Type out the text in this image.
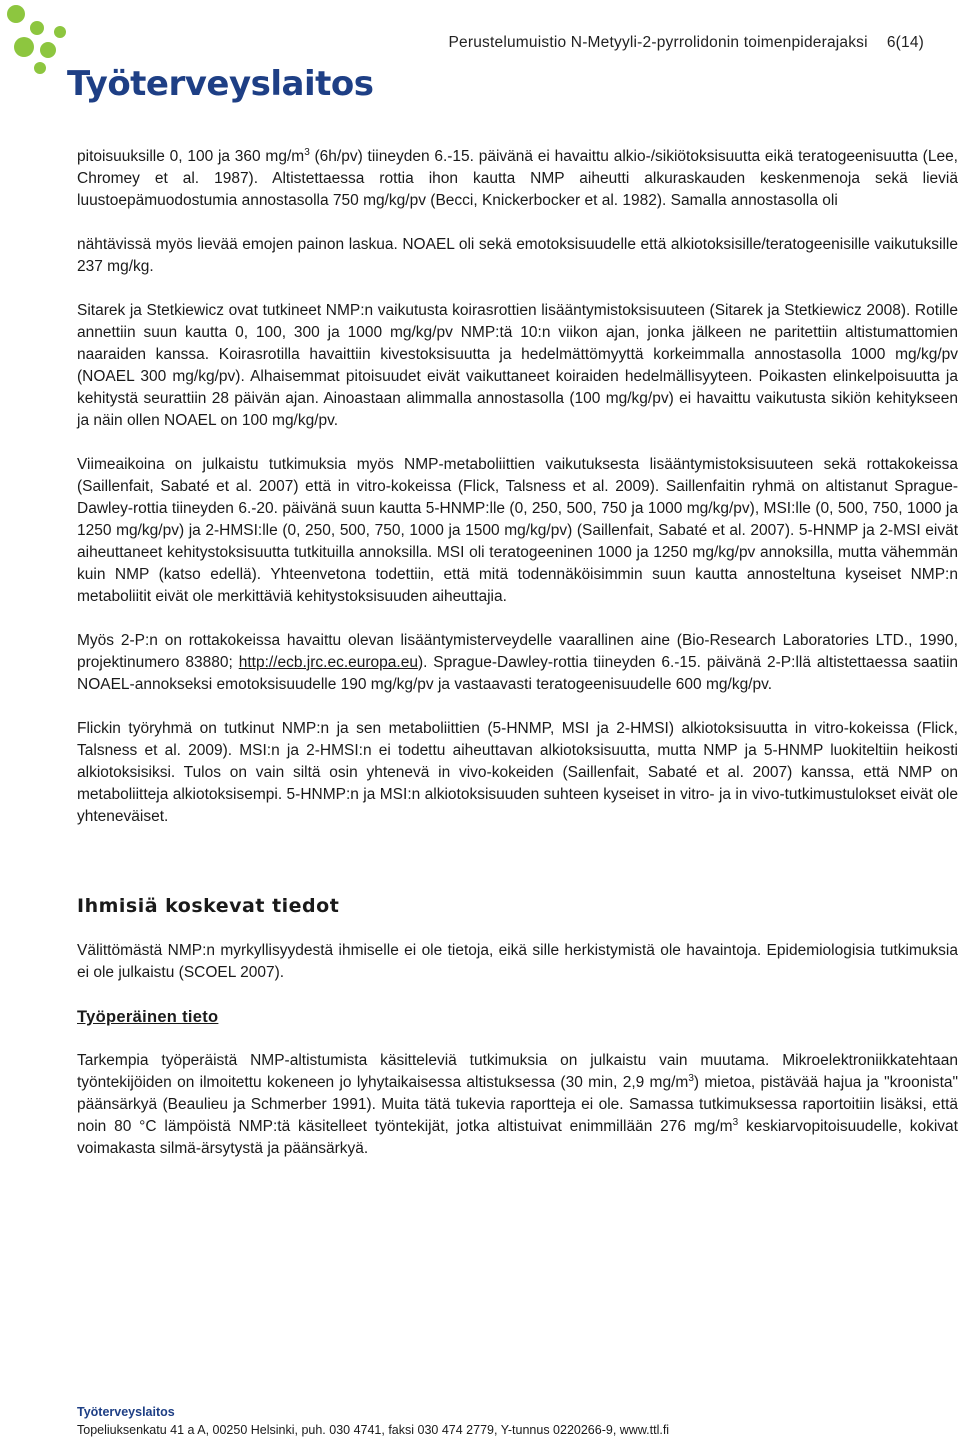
Työterveyslaitos
Perustelumuistio N-Metyyli-2-pyrrolidonin toimenpiderajaksi 6(14)

pitoisuuksille 0, 100 ja 360 $mg/m^3$ (6h/pv) tiineyden 6.-15. päivänä ei havaittu alkio-/sikiötoksisuutta eikä teratogeenisuutta (Lee, Chromey et al. 1987). Altistettaessa rottia ihon kautta NMP aiheutti alkuraskauden keskenmenoja sekä lieviä luustoepämuodostumia annostasolla 750 mg/kg/pv (Becci, Knickerbocker et al. 1982). Samalla annostasolla oli

nähtävissä myös lievää emojen painon laskua. NOAEL oli sekä emotoksisuudelle että alkiotoksisille/teratogeenisille vaikutuksille 237 mg/kg.

Sitarek ja Stetkiewicz ovat tutkineet NMP:n vaikutusta koirasrottien lisääntymistoksisuuteen (Sitarek ja Stetkiewicz 2008). Rotille annettiin suun kautta 0, 100, 300 ja 1000 mg/kg/pv NMP:tä 10:n viikon ajan, jonka jälkeen ne paritettiin altistumattomien naaraiden kanssa. Koirasrotilla havaittiin kivestoksisuutta ja hedelmättömyyttä korkeimmalla annostasolla 1000 mg/kg/pv (NOAEL 300 mg/kg/pv). Alhaisemmat pitoisuudet eivät vaikuttaneet koiraiden hedelmällisyyteen. Poikasten elinkelpoisuutta ja kehitystä seurattiin 28 päivän ajan. Ainoastaan alimmalla annostasolla (100 mg/kg/pv) ei havaittu vaikutusta sikiön kehitykseen ja näin ollen NOAEL on 100 mg/kg/pv.

Viimeaikoina on julkaistu tutkimuksia myös NMP-metaboliittien vaikutuksesta lisääntymistoksisuuteen sekä rottakokeissa (Saillenfait, Sabaté et al. 2007) että in vitro-kokeissa (Flick, Talsness et al. 2009). Saillenfaitin ryhmä on altistanut Sprague-Dawley-rottia tiineyden 6.-20. päivänä suun kautta 5-HNMP:lle (0, 250, 500, 750 ja 1000 mg/kg/pv), MSI:lle (0, 500, 750, 1000 ja 1250 mg/kg/pv) ja 2-HMSI:lle (0, 250, 500, 750, 1000 ja 1500 mg/kg/pv) (Saillenfait, Sabaté et al. 2007). 5-HNMP ja 2-MSI eivät aiheuttaneet kehitystoksisuutta tutkituilla annoksilla. MSI oli teratogeeninen 1000 ja 1250 mg/kg/pv annoksilla, mutta vähemmän kuin NMP (katso edellä). Yhteenvetona todettiin, että mitä todennäköisimmin suun kautta annosteltuna kyseiset NMP:n metaboliitit eivät ole merkittäviä kehitystoksisuuden aiheuttajia.

Myös 2-P:n on rottakokeissa havaittu olevan lisääntymisterveydelle vaarallinen aine (Bio-Research Laboratories LTD., 1990, projektinumero 83880; http://ecb.jrc.ec.europa.eu). Sprague-Dawley-rottia tiineyden 6.-15. päivänä 2-P:llä altistettaessa saatiin NOAEL-annokseksi emotoksisuudelle 190 mg/kg/pv ja vastaavasti teratogeenisuudelle 600 mg/kg/pv.

Flickin työryhmä on tutkinut NMP:n ja sen metaboliittien (5-HNMP, MSI ja 2-HMSI) alkiotoksisuutta in vitro-kokeissa (Flick, Talsness et al. 2009). MSI:n ja 2-HMSI:n ei todettu aiheuttavan alkiotoksisuutta, mutta NMP ja 5-HNMP luokiteltiin heikosti alkiotoksisiksi. Tulos on vain siltä osin yhtenevä in vivo-kokeiden (Saillenfait, Sabaté et al. 2007) kanssa, että NMP on metaboliitteja alkiotoksisempi. 5-HNMP:n ja MSI:n alkiotoksisuuden suhteen kyseiset in vitro- ja in vivo-tutkimustulokset eivät ole yhteneväiset.

Ihmisiä koskevat tiedot

Välittömästä NMP:n myrkyllisyydestä ihmiselle ei ole tietoja, eikä sille herkistymistä ole havaintoja. Epidemiologisia tutkimuksia ei ole julkaistu (SCOEL 2007).

Työperäinen tieto

Tarkempia työperäistä NMP-altistumista käsitteleviä tutkimuksia on julkaistu vain muutama. Mikroelektroniikkatehtaan työntekijöiden on ilmoitettu kokeneen jo lyhytaikaisessa altistuksessa (30 min, 2,9 $mg/m^3$) mietoa, pistävää hajua ja "kroonista" päänsärkyä (Beaulieu ja Schmerber 1991). Muita tätä tukevia raportteja ei ole. Samassa tutkimuksessa raportoitiin lisäksi, että noin 80 °C lämpöistä NMP:tä käsitelleet työntekijät, jotka altistuivat enimmillään 276 $mg/m^3$ keskiarvopitoisuudelle, kokivat voimakasta silmä-ärsytystä ja päänsärkyä.

Työterveyslaitos
Topeliuksenkatu 41 a A, 00250 Helsinki, puh. 030 4741, faksi 030 474 2779, Y-tunnus 0220266-9, www.ttl.fi
